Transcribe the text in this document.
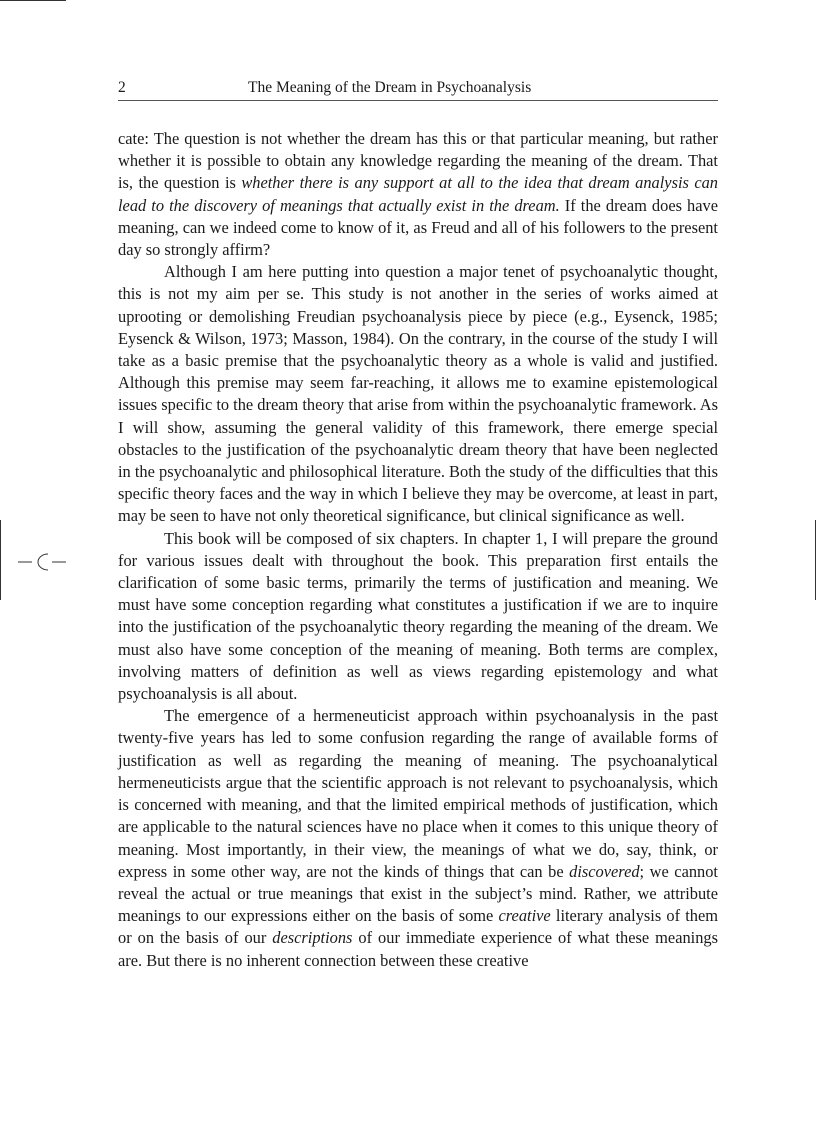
2	The Meaning of the Dream in Psychoanalysis

cate: The question is not whether the dream has this or that particular meaning, but rather whether it is possible to obtain any knowledge regarding the meaning of the dream. That is, the question is whether there is any support at all to the idea that dream analysis can lead to the discovery of meanings that actually exist in the dream. If the dream does have meaning, can we indeed come to know of it, as Freud and all of his followers to the present day so strongly affirm?

Although I am here putting into question a major tenet of psychoanalytic thought, this is not my aim per se. This study is not another in the series of works aimed at uprooting or demolishing Freudian psychoanalysis piece by piece (e.g., Eysenck, 1985; Eysenck & Wilson, 1973; Masson, 1984). On the contrary, in the course of the study I will take as a basic premise that the psychoanalytic theory as a whole is valid and justified. Although this premise may seem far-reaching, it allows me to examine epistemological issues specific to the dream theory that arise from within the psychoanalytic framework. As I will show, assuming the general validity of this framework, there emerge special obstacles to the justification of the psychoanalytic dream theory that have been neglected in the psychoanalytic and philosophical literature. Both the study of the difficulties that this specific theory faces and the way in which I believe they may be overcome, at least in part, may be seen to have not only theoretical significance, but clinical significance as well.

This book will be composed of six chapters. In chapter 1, I will prepare the ground for various issues dealt with throughout the book. This preparation first entails the clarification of some basic terms, primarily the terms of justification and meaning. We must have some conception regarding what constitutes a justification if we are to inquire into the justification of the psychoanalytic theory regarding the meaning of the dream. We must also have some conception of the meaning of meaning. Both terms are complex, involving matters of definition as well as views regarding epistemology and what psychoanalysis is all about.

The emergence of a hermeneuticist approach within psychoanalysis in the past twenty-five years has led to some confusion regarding the range of available forms of justification as well as regarding the meaning of meaning. The psychoanalytical hermeneuticists argue that the scientific approach is not relevant to psychoanalysis, which is concerned with meaning, and that the limited empirical methods of justification, which are applicable to the natural sciences have no place when it comes to this unique theory of meaning. Most importantly, in their view, the meanings of what we do, say, think, or express in some other way, are not the kinds of things that can be discovered; we cannot reveal the actual or true meanings that exist in the subject’s mind. Rather, we attribute meanings to our expressions either on the basis of some creative literary analysis of them or on the basis of our descriptions of our immediate experience of what these meanings are. But there is no inherent connection between these creative
